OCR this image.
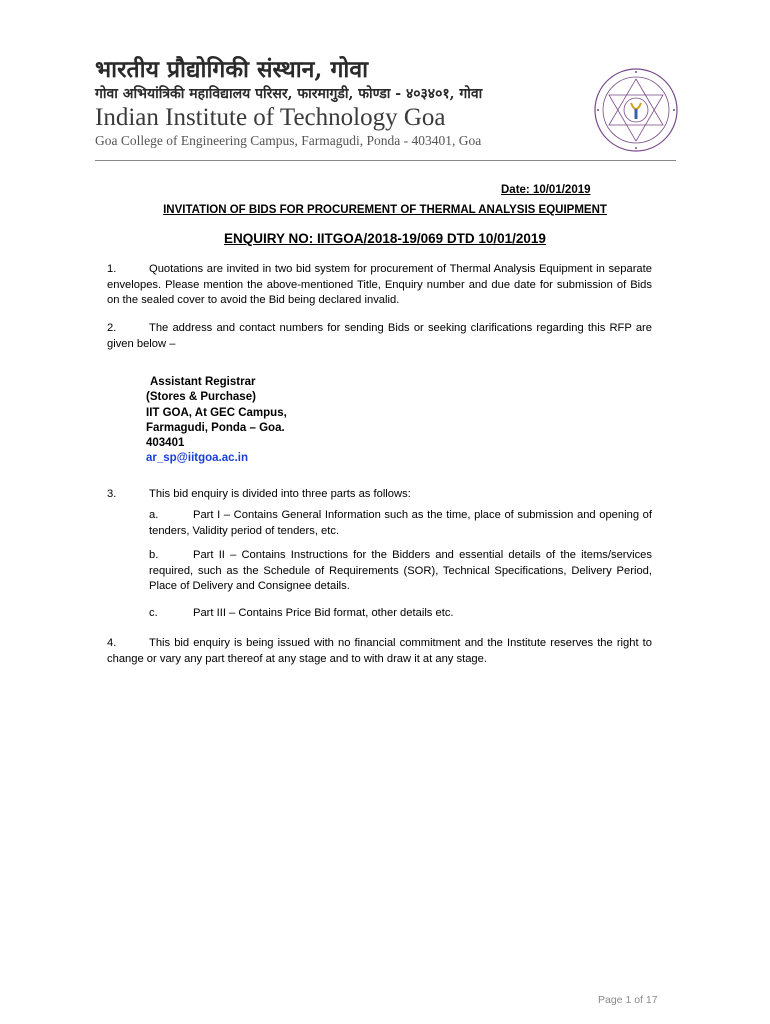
भारतीय प्रौद्योगिकी संस्थान, गोवा
गोवा अभियांत्रिकी महाविद्यालय परिसर, फारमागुडी, फोण्डा - ४०३४०१, गोवा
Indian Institute of Technology Goa
Goa College of Engineering Campus, Farmagudi, Ponda - 403401, Goa
Date: 10/01/2019
INVITATION OF BIDS FOR PROCUREMENT OF THERMAL ANALYSIS EQUIPMENT
ENQUIRY NO: IITGOA/2018-19/069 DTD 10/01/2019
1.	Quotations are invited in two bid system for procurement of Thermal Analysis Equipment in separate envelopes. Please mention the above-mentioned Title, Enquiry number and due date for submission of Bids on the sealed cover to avoid the Bid being declared invalid.
2.	The address and contact numbers for sending Bids or seeking clarifications regarding this RFP are given below –
Assistant Registrar
(Stores & Purchase)
IIT GOA, At GEC Campus,
Farmagudi, Ponda – Goa.
403401
ar_sp@iitgoa.ac.in
3.	This bid enquiry is divided into three parts as follows:
a.	Part I – Contains General Information such as the time, place of submission and opening of tenders, Validity period of tenders, etc.
b.	Part II – Contains Instructions for the Bidders and essential details of the items/services required, such as the Schedule of Requirements (SOR), Technical Specifications, Delivery Period, Place of Delivery and Consignee details.
c.	Part III – Contains Price Bid format, other details etc.
4.	This bid enquiry is being issued with no financial commitment and the Institute reserves the right to change or vary any part thereof at any stage and to with draw it at any stage.
Page 1 of 17
